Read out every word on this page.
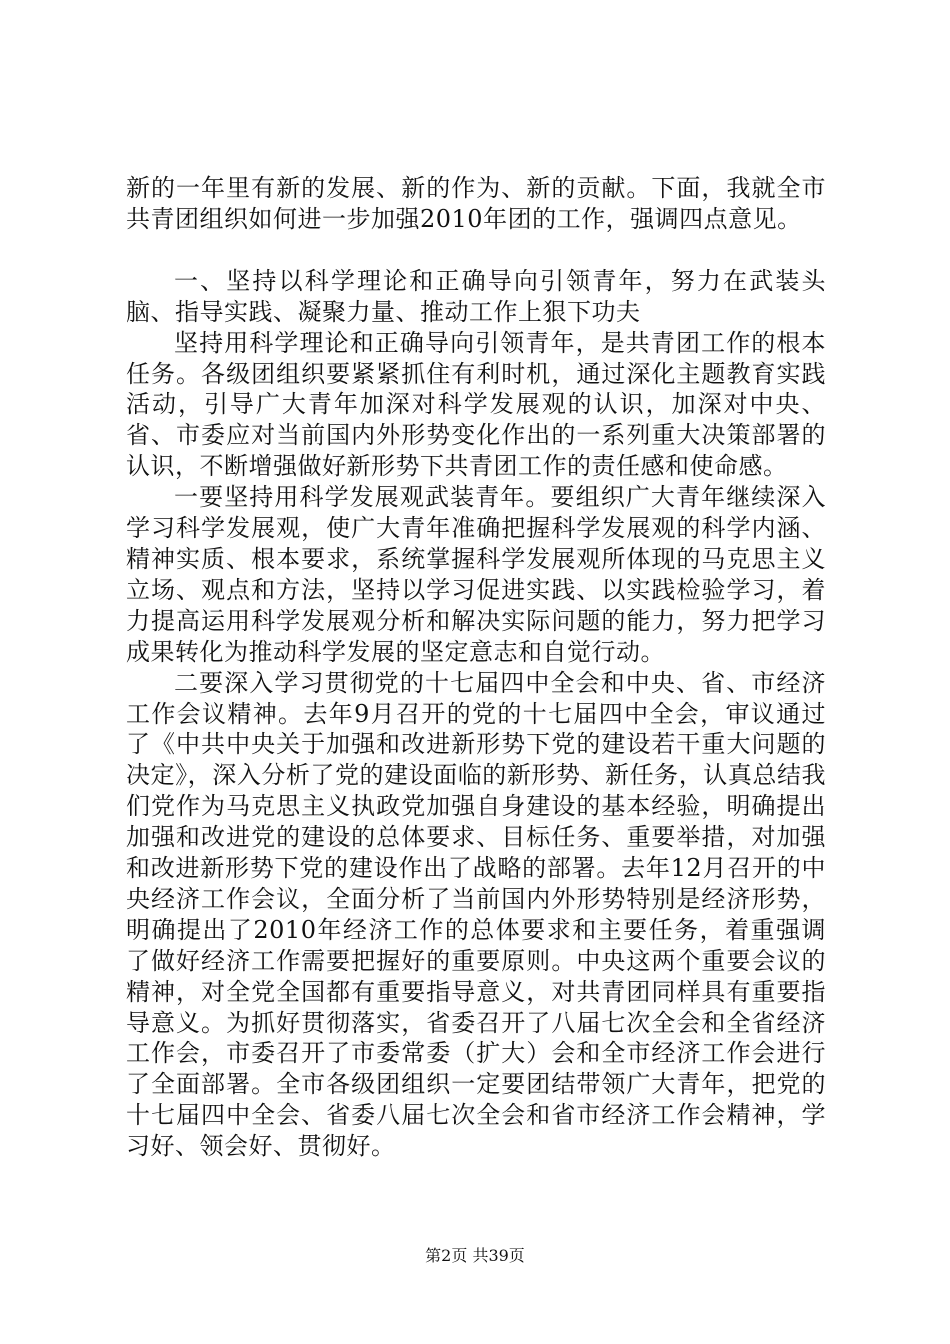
新的一年里有新的发展、新的作为、新的贡献。下面，我就全市共青团组织如何进一步加强2010年团的工作，强调四点意见。

一、坚持以科学理论和正确导向引领青年，努力在武装头脑、指导实践、凝聚力量、推动工作上狠下功夫

坚持用科学理论和正确导向引领青年，是共青团工作的根本任务。各级团组织要紧紧抓住有利时机，通过深化主题教育实践活动，引导广大青年加深对科学发展观的认识，加深对中央、省、市委应对当前国内外形势变化作出的一系列重大决策部署的认识，不断增强做好新形势下共青团工作的责任感和使命感。

一要坚持用科学发展观武装青年。要组织广大青年继续深入学习科学发展观，使广大青年准确把握科学发展观的科学内涵、精神实质、根本要求，系统掌握科学发展观所体现的马克思主义立场、观点和方法，坚持以学习促进实践、以实践检验学习，着力提高运用科学发展观分析和解决实际问题的能力，努力把学习成果转化为推动科学发展的坚定意志和自觉行动。

二要深入学习贯彻党的十七届四中全会和中央、省、市经济工作会议精神。去年9月召开的党的十七届四中全会，审议通过了《中共中央关于加强和改进新形势下党的建设若干重大问题的决定》，深入分析了党的建设面临的新形势、新任务，认真总结我们党作为马克思主义执政党加强自身建设的基本经验，明确提出加强和改进党的建设的总体要求、目标任务、重要举措，对加强和改进新形势下党的建设作出了战略的部署。去年12月召开的中央经济工作会议，全面分析了当前国内外形势特别是经济形势，明确提出了2010年经济工作的总体要求和主要任务，着重强调了做好经济工作需要把握好的重要原则。中央这两个重要会议的精神，对全党全国都有重要指导意义，对共青团同样具有重要指导意义。为抓好贯彻落实，省委召开了八届七次全会和全省经济工作会，市委召开了市委常委（扩大）会和全市经济工作会进行了全面部署。全市各级团组织一定要团结带领广大青年，把党的十七届四中全会、省委八届七次全会和省市经济工作会精神，学习好、领会好、贯彻好。

第2页 共39页
